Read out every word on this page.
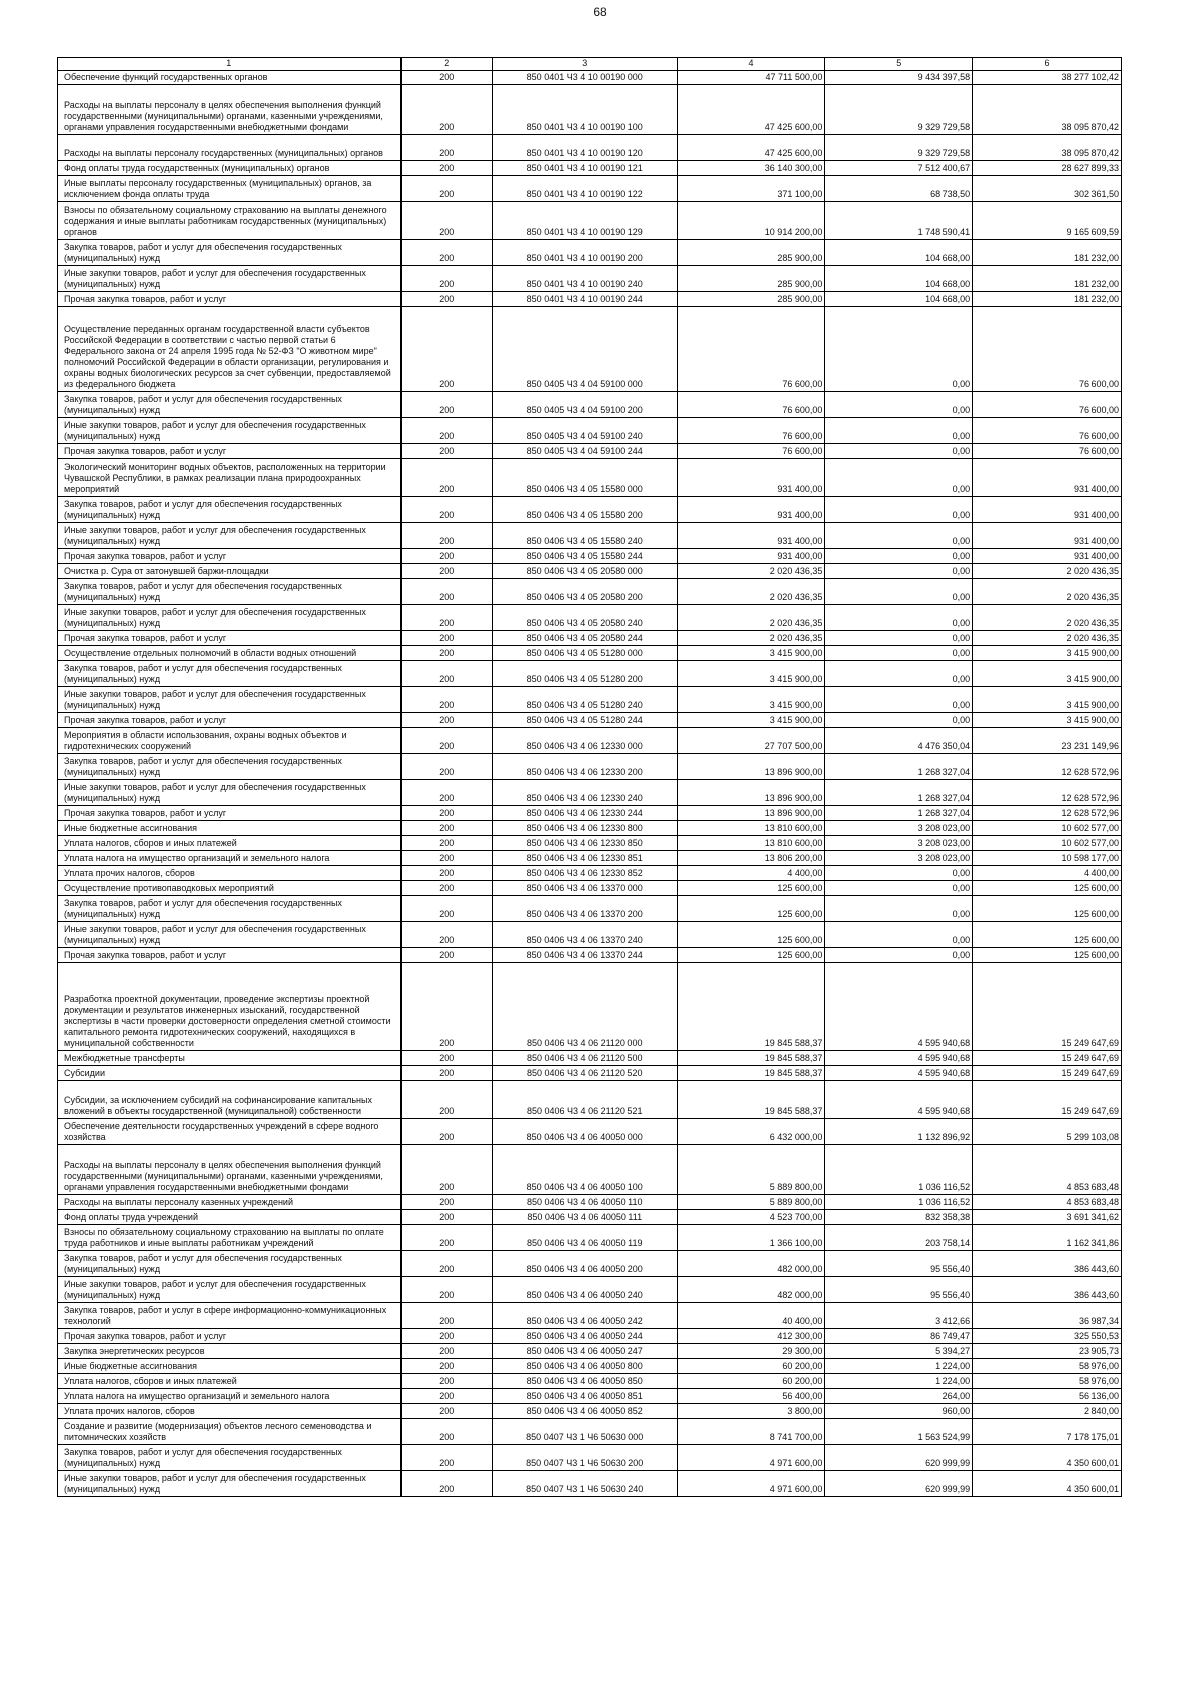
68
1	2	3	4	5	6
Обеспечение функций государственных органов	200	850 0401 Ч3 4 10 00190 000	47 711 500,00	9 434 397,58	38 277 102,42
Расходы на выплаты персоналу в целях обеспечения выполнения функций государственными (муниципальными) органами, казенными учреждениями, органами управления государственными внебюджетными фондами	200	850 0401 Ч3 4 10 00190 100	47 425 600,00	9 329 729,58	38 095 870,42
Расходы на выплаты персоналу государственных (муниципальных) органов	200	850 0401 Ч3 4 10 00190 120	47 425 600,00	9 329 729,58	38 095 870,42
Фонд оплаты труда государственных (муниципальных) органов	200	850 0401 Ч3 4 10 00190 121	36 140 300,00	7 512 400,67	28 627 899,33
Иные выплаты персоналу государственных (муниципальных) органов, за исключением фонда оплаты труда	200	850 0401 Ч3 4 10 00190 122	371 100,00	68 738,50	302 361,50
Взносы по обязательному социальному страхованию на выплаты денежного содержания и иные выплаты работникам государственных (муниципальных) органов	200	850 0401 Ч3 4 10 00190 129	10 914 200,00	1 748 590,41	9 165 609,59
Закупка товаров, работ и услуг для обеспечения государственных (муниципальных) нужд	200	850 0401 Ч3 4 10 00190 200	285 900,00	104 668,00	181 232,00
Иные закупки товаров, работ и услуг для обеспечения государственных (муниципальных) нужд	200	850 0401 Ч3 4 10 00190 240	285 900,00	104 668,00	181 232,00
Прочая закупка товаров, работ и услуг	200	850 0401 Ч3 4 10 00190 244	285 900,00	104 668,00	181 232,00
Осуществление переданных органам государственной власти субъектов Российской Федерации в соответствии с частью первой статьи 6 Федерального закона от 24 апреля 1995 года № 52-ФЗ "О животном мире" полномочий Российской Федерации в области организации, регулирования и охраны водных биологических ресурсов за счет субвенции, предоставляемой из федерального бюджета	200	850 0405 Ч3 4 04 59100 000	76 600,00	0,00	76 600,00
Закупка товаров, работ и услуг для обеспечения государственных (муниципальных) нужд	200	850 0405 Ч3 4 04 59100 200	76 600,00	0,00	76 600,00
Иные закупки товаров, работ и услуг для обеспечения государственных (муниципальных) нужд	200	850 0405 Ч3 4 04 59100 240	76 600,00	0,00	76 600,00
Прочая закупка товаров, работ и услуг	200	850 0405 Ч3 4 04 59100 244	76 600,00	0,00	76 600,00
Экологический мониторинг водных объектов, расположенных на территории Чувашской Республики, в рамках реализации плана природоохранных мероприятий	200	850 0406 Ч3 4 05 15580 000	931 400,00	0,00	931 400,00
Закупка товаров, работ и услуг для обеспечения государственных (муниципальных) нужд	200	850 0406 Ч3 4 05 15580 200	931 400,00	0,00	931 400,00
Иные закупки товаров, работ и услуг для обеспечения государственных (муниципальных) нужд	200	850 0406 Ч3 4 05 15580 240	931 400,00	0,00	931 400,00
Прочая закупка товаров, работ и услуг	200	850 0406 Ч3 4 05 15580 244	931 400,00	0,00	931 400,00
Очистка р. Сура от затонувшей баржи-площадки	200	850 0406 Ч3 4 05 20580 000	2 020 436,35	0,00	2 020 436,35
Закупка товаров, работ и услуг для обеспечения государственных (муниципальных) нужд	200	850 0406 Ч3 4 05 20580 200	2 020 436,35	0,00	2 020 436,35
Иные закупки товаров, работ и услуг для обеспечения государственных (муниципальных) нужд	200	850 0406 Ч3 4 05 20580 240	2 020 436,35	0,00	2 020 436,35
Прочая закупка товаров, работ и услуг	200	850 0406 Ч3 4 05 20580 244	2 020 436,35	0,00	2 020 436,35
Осуществление отдельных полномочий в области водных отношений	200	850 0406 Ч3 4 05 51280 000	3 415 900,00	0,00	3 415 900,00
Закупка товаров, работ и услуг для обеспечения государственных (муниципальных) нужд	200	850 0406 Ч3 4 05 51280 200	3 415 900,00	0,00	3 415 900,00
Иные закупки товаров, работ и услуг для обеспечения государственных (муниципальных) нужд	200	850 0406 Ч3 4 05 51280 240	3 415 900,00	0,00	3 415 900,00
Прочая закупка товаров, работ и услуг	200	850 0406 Ч3 4 05 51280 244	3 415 900,00	0,00	3 415 900,00
Мероприятия в области использования, охраны водных объектов и гидротехнических сооружений	200	850 0406 Ч3 4 06 12330 000	27 707 500,00	4 476 350,04	23 231 149,96
Закупка товаров, работ и услуг для обеспечения государственных (муниципальных) нужд	200	850 0406 Ч3 4 06 12330 200	13 896 900,00	1 268 327,04	12 628 572,96
Иные закупки товаров, работ и услуг для обеспечения государственных (муниципальных) нужд	200	850 0406 Ч3 4 06 12330 240	13 896 900,00	1 268 327,04	12 628 572,96
Прочая закупка товаров, работ и услуг	200	850 0406 Ч3 4 06 12330 244	13 896 900,00	1 268 327,04	12 628 572,96
Иные бюджетные ассигнования	200	850 0406 Ч3 4 06 12330 800	13 810 600,00	3 208 023,00	10 602 577,00
Уплата налогов, сборов и иных платежей	200	850 0406 Ч3 4 06 12330 850	13 810 600,00	3 208 023,00	10 602 577,00
Уплата налога на имущество организаций и земельного налога	200	850 0406 Ч3 4 06 12330 851	13 806 200,00	3 208 023,00	10 598 177,00
Уплата прочих налогов, сборов	200	850 0406 Ч3 4 06 12330 852	4 400,00	0,00	4 400,00
Осуществление противопаводковых мероприятий	200	850 0406 Ч3 4 06 13370 000	125 600,00	0,00	125 600,00
Закупка товаров, работ и услуг для обеспечения государственных (муниципальных) нужд	200	850 0406 Ч3 4 06 13370 200	125 600,00	0,00	125 600,00
Иные закупки товаров, работ и услуг для обеспечения государственных (муниципальных) нужд	200	850 0406 Ч3 4 06 13370 240	125 600,00	0,00	125 600,00
Прочая закупка товаров, работ и услуг	200	850 0406 Ч3 4 06 13370 244	125 600,00	0,00	125 600,00
Разработка проектной документации, проведение экспертизы проектной документации и результатов инженерных изысканий, государственной экспертизы в части проверки достоверности определения сметной стоимости капитального ремонта гидротехнических сооружений, находящихся в муниципальной собственности	200	850 0406 Ч3 4 06 21120 000	19 845 588,37	4 595 940,68	15 249 647,69
Межбюджетные трансферты	200	850 0406 Ч3 4 06 21120 500	19 845 588,37	4 595 940,68	15 249 647,69
Субсидии	200	850 0406 Ч3 4 06 21120 520	19 845 588,37	4 595 940,68	15 249 647,69
Субсидии, за исключением субсидий на софинансирование капитальных вложений в объекты государственной (муниципальной) собственности	200	850 0406 Ч3 4 06 21120 521	19 845 588,37	4 595 940,68	15 249 647,69
Обеспечение деятельности государственных учреждений в сфере водного хозяйства	200	850 0406 Ч3 4 06 40050 000	6 432 000,00	1 132 896,92	5 299 103,08
Расходы на выплаты персоналу в целях обеспечения выполнения функций государственными (муниципальными) органами, казенными учреждениями, органами управления государственными внебюджетными фондами	200	850 0406 Ч3 4 06 40050 100	5 889 800,00	1 036 116,52	4 853 683,48
Расходы на выплаты персоналу казенных учреждений	200	850 0406 Ч3 4 06 40050 110	5 889 800,00	1 036 116,52	4 853 683,48
Фонд оплаты труда учреждений	200	850 0406 Ч3 4 06 40050 111	4 523 700,00	832 358,38	3 691 341,62
Взносы по обязательному социальному страхованию на выплаты по оплате труда работников и иные выплаты работникам учреждений	200	850 0406 Ч3 4 06 40050 119	1 366 100,00	203 758,14	1 162 341,86
Закупка товаров, работ и услуг для обеспечения государственных (муниципальных) нужд	200	850 0406 Ч3 4 06 40050 200	482 000,00	95 556,40	386 443,60
Иные закупки товаров, работ и услуг для обеспечения государственных (муниципальных) нужд	200	850 0406 Ч3 4 06 40050 240	482 000,00	95 556,40	386 443,60
Закупка товаров, работ и услуг в сфере информационно-коммуникационных технологий	200	850 0406 Ч3 4 06 40050 242	40 400,00	3 412,66	36 987,34
Прочая закупка товаров, работ и услуг	200	850 0406 Ч3 4 06 40050 244	412 300,00	86 749,47	325 550,53
Закупка энергетических ресурсов	200	850 0406 Ч3 4 06 40050 247	29 300,00	5 394,27	23 905,73
Иные бюджетные ассигнования	200	850 0406 Ч3 4 06 40050 800	60 200,00	1 224,00	58 976,00
Уплата налогов, сборов и иных платежей	200	850 0406 Ч3 4 06 40050 850	60 200,00	1 224,00	58 976,00
Уплата налога на имущество организаций и земельного налога	200	850 0406 Ч3 4 06 40050 851	56 400,00	264,00	56 136,00
Уплата прочих налогов, сборов	200	850 0406 Ч3 4 06 40050 852	3 800,00	960,00	2 840,00
Создание и развитие (модернизация) объектов лесного семеноводства и питомнических хозяйств	200	850 0407 Ч3 1 Ч6 50630 000	8 741 700,00	1 563 524,99	7 178 175,01
Закупка товаров, работ и услуг для обеспечения государственных (муниципальных) нужд	200	850 0407 Ч3 1 Ч6 50630 200	4 971 600,00	620 999,99	4 350 600,01
Иные закупки товаров, работ и услуг для обеспечения государственных (муниципальных) нужд	200	850 0407 Ч3 1 Ч6 50630 240	4 971 600,00	620 999,99	4 350 600,01
